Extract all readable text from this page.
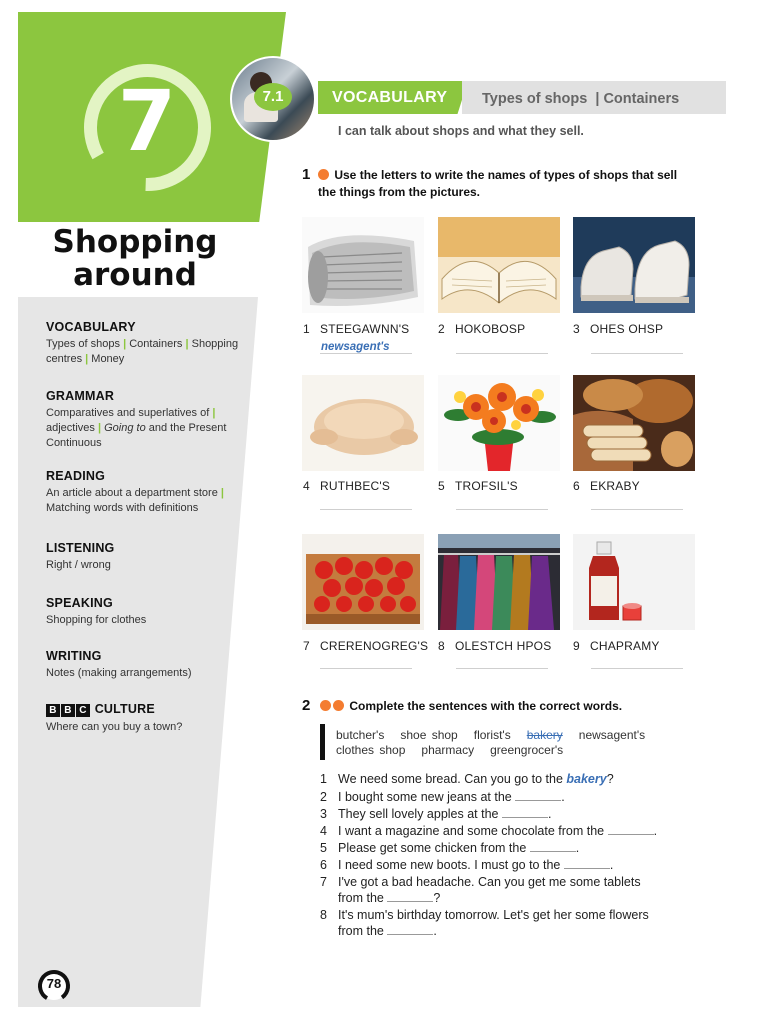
7
Shopping
around
VOCABULARY
Types of shops | Containers | Shopping
centres | Money
GRAMMAR
Comparatives and superlatives of |
adjectives | Going to and the Present
Continuous
READING
An article about a department store |
Matching words with definitions
LISTENING
Right / wrong
SPEAKING
Shopping for clothes
WRITING
Notes (making arrangements)
B B C CULTURE
Where can you buy a town?
78
7.1	VOCABULARY Types of shops | Containers
I can talk about shops and what they sell.
1	Use the letters to write the names of types of shops that sell
the things from the pictures.
1 STEEGAWNN'S
newsagent's
2 HOKOBOSP	3 OHES OHSP
4 RUTHBEC'S	5 TROFSIL'S	6 EKRABY
7 CRERENOGREG'S 8 OLESTCH HPOS 9 CHAPRAMY
2	Complete the sentences with the correct words.
butcher's shoe shop florist's bakery newsagent's
clothes shop pharmacy greengrocer's
1 We need some bread. Can you go to the bakery?
2 I bought some new jeans at the	.
3 They sell lovely apples at the	.
4 I want a magazine and some chocolate from the	.
5 Please get some chicken from the	.
6 I need some new boots. I must go to the	.
7 I've got a bad headache. Can you get me some tablets
from the	?
8 It's mum's birthday tomorrow. Let's get her some flowers
from the	.
